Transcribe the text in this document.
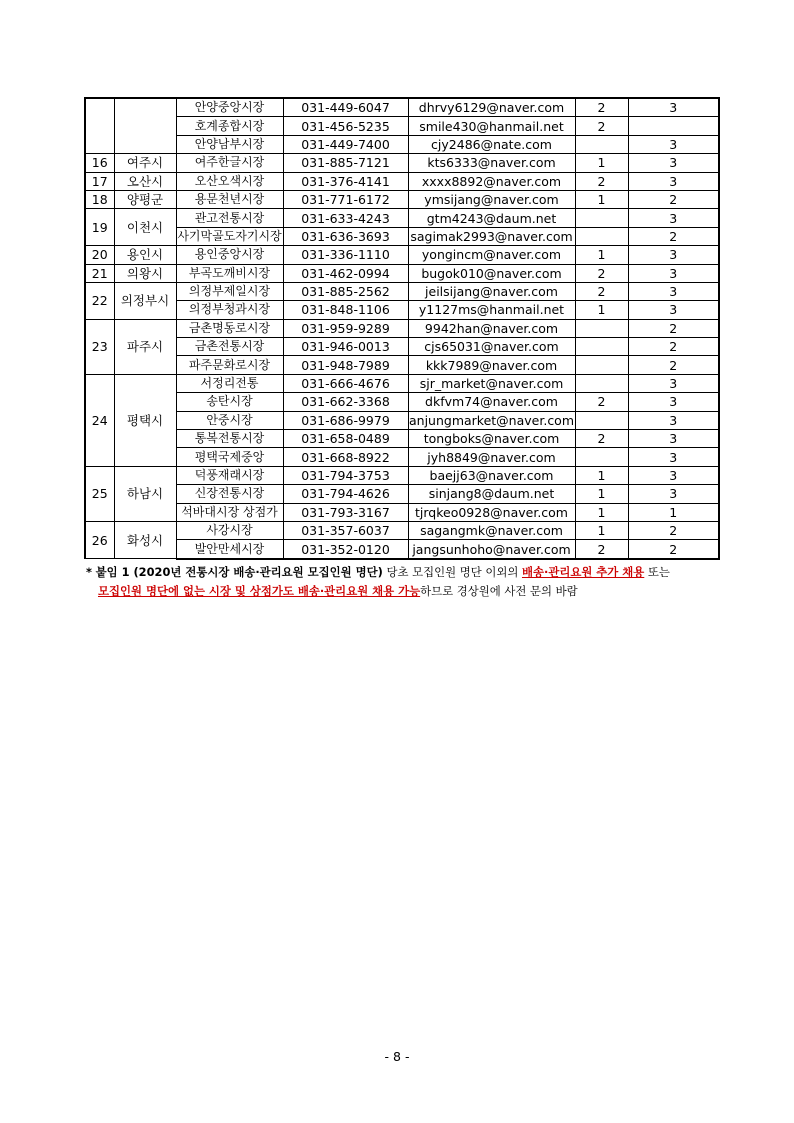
		안양중앙시장	031-449-6047	dhrvy6129@naver.com	2	3
		호계종합시장	031-456-5235	smile430@hanmail.net	2	
		안양남부시장	031-449-7400	cjy2486@nate.com		3
16	여주시	여주한글시장	031-885-7121	kts6333@naver.com	1	3
17	오산시	오산오색시장	031-376-4141	xxxx8892@naver.com	2	3
18	양평군	용문천년시장	031-771-6172	ymsijang@naver.com	1	2
19	이천시	관고전통시장	031-633-4243	gtm4243@daum.net		3
		사기막골도자기시장	031-636-3693	sagimak2993@naver.com		2
20	용인시	용인중앙시장	031-336-1110	yongincm@naver.com	1	3
21	의왕시	부곡도깨비시장	031-462-0994	bugok010@naver.com	2	3
22	의정부시	의정부제일시장	031-885-2562	jeilsijang@naver.com	2	3
		의정부청과시장	031-848-1106	y1127ms@hanmail.net	1	3
23	파주시	금촌명동로시장	031-959-9289	9942han@naver.com		2
		금촌전통시장	031-946-0013	cjs65031@naver.com		2
		파주문화로시장	031-948-7989	kkk7989@naver.com		2
24	평택시	서정리전통	031-666-4676	sjr_market@naver.com		3
		송탄시장	031-662-3368	dkfvm74@naver.com	2	3
		안중시장	031-686-9979	anjungmarket@naver.com		3
		통복전통시장	031-658-0489	tongboks@naver.com	2	3
		평택국제중앙	031-668-8922	jyh8849@naver.com		3
25	하남시	덕풍재래시장	031-794-3753	baejj63@naver.com	1	3
		신장전통시장	031-794-4626	sinjang8@daum.net	1	3
		석바대시장 상점가	031-793-3167	tjrqkeo0928@naver.com	1	1
26	화성시	사강시장	031-357-6037	sagangmk@naver.com	1	2
		발안만세시장	031-352-0120	jangsunhoho@naver.com	2	2
* 붙임 1 (2020년 전통시장 배송·관리요원 모집인원 명단) 당초 모집인원 명단 이외의 배송·관리요원 추가 채용 또는
모집인원 명단에 없는 시장 및 상점가도 배송·관리요원 채용 가능하므로 경상원에 사전 문의 바람
- 8 -
